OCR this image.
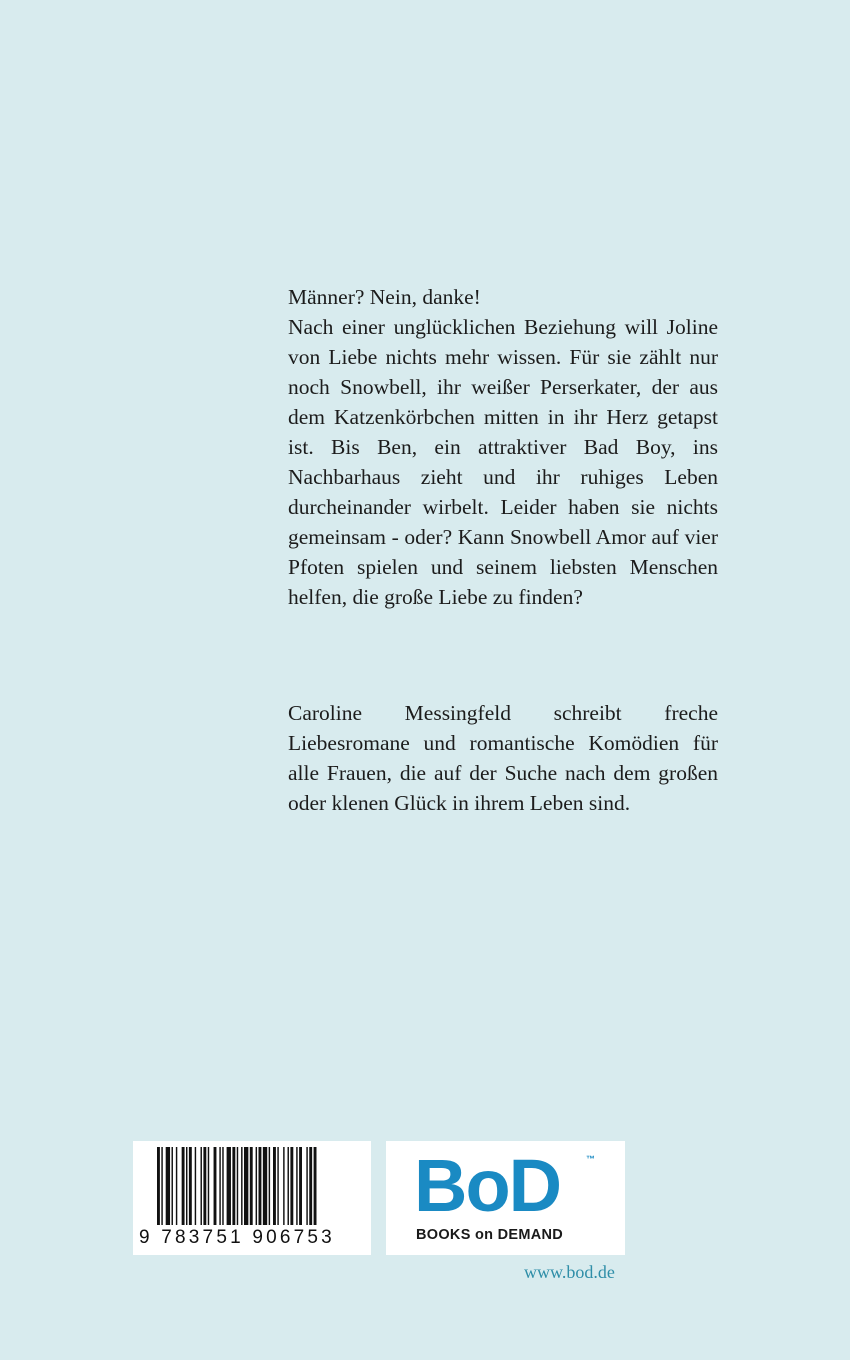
Männer? Nein, danke!

Nach einer unglücklichen Beziehung will Joline von Liebe nichts mehr wissen. Für sie zählt nur noch Snowbell, ihr weißer Perserkater, der aus dem Katzenkörbchen mitten in ihr Herz getapst ist. Bis Ben, ein attraktiver Bad Boy, ins Nachbarhaus zieht und ihr ruhiges Leben durcheinander wirbelt. Leider haben sie nichts gemeinsam - oder? Kann Snowbell Amor auf vier Pfoten spielen und seinem liebsten Menschen helfen, die große Liebe zu finden?

Caroline Messingfeld schreibt freche Liebesromane und romantische Komödien für alle Frauen, die auf der Suche nach dem großen oder klenen Glück in ihrem Leben sind.

9 783751 906753
BoD	™
BOOKS on DEMAND
www.bod.de
